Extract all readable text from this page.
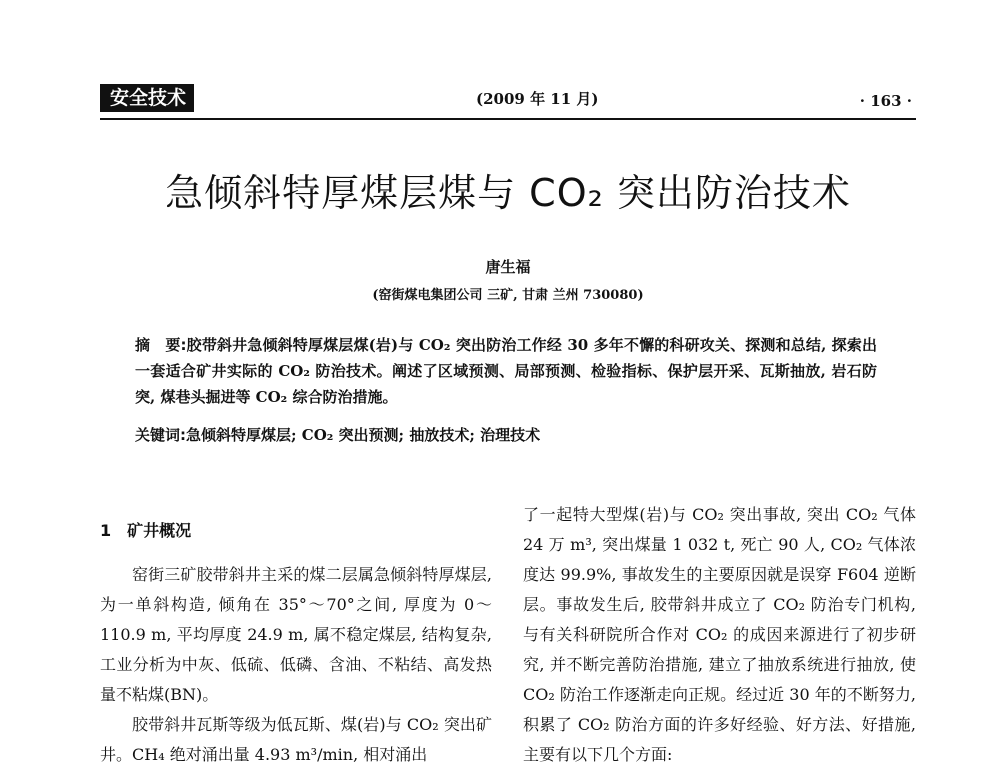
安全技术	(2009 年 11 月)	· 163 ·
急倾斜特厚煤层煤与 CO₂ 突出防治技术
唐生福
(窑街煤电集团公司 三矿, 甘肃 兰州 730080)
摘　要:胶带斜井急倾斜特厚煤层煤(岩)与 CO₂ 突出防治工作经 30 多年不懈的科研攻关、探测和总结, 探索出一套适合矿井实际的 CO₂ 防治技术。阐述了区域预测、局部预测、检验指标、保护层开采、瓦斯抽放, 岩石防突, 煤巷头掘进等 CO₂ 综合防治措施。
关键词:急倾斜特厚煤层; CO₂ 突出预测; 抽放技术; 治理技术
1　矿井概况

窑街三矿胶带斜井主采的煤二层属急倾斜特厚煤层, 为一单斜构造, 倾角在 35°～70°之间, 厚度为 0～110.9 m, 平均厚度 24.9 m, 属不稳定煤层, 结构复杂, 工业分析为中灰、低硫、低磷、含油、不粘结、高发热量不粘煤(BN)。

胶带斜井瓦斯等级为低瓦斯、煤(岩)与 CO₂ 突出矿井。CH₄ 绝对涌出量 4.93 m³/min, 相对涌出

了一起特大型煤(岩)与 CO₂ 突出事故, 突出 CO₂ 气体 24 万 m³, 突出煤量 1 032 t, 死亡 90 人, CO₂ 气体浓度达 99.9%, 事故发生的主要原因就是误穿 F604 逆断层。事故发生后, 胶带斜井成立了 CO₂ 防治专门机构, 与有关科研院所合作对 CO₂ 的成因来源进行了初步研究, 并不断完善防治措施, 建立了抽放系统进行抽放, 使 CO₂ 防治工作逐渐走向正规。经过近 30 年的不断努力, 积累了 CO₂ 防治方面的许多好经验、好方法、好措施, 主要有以下几个方面:
